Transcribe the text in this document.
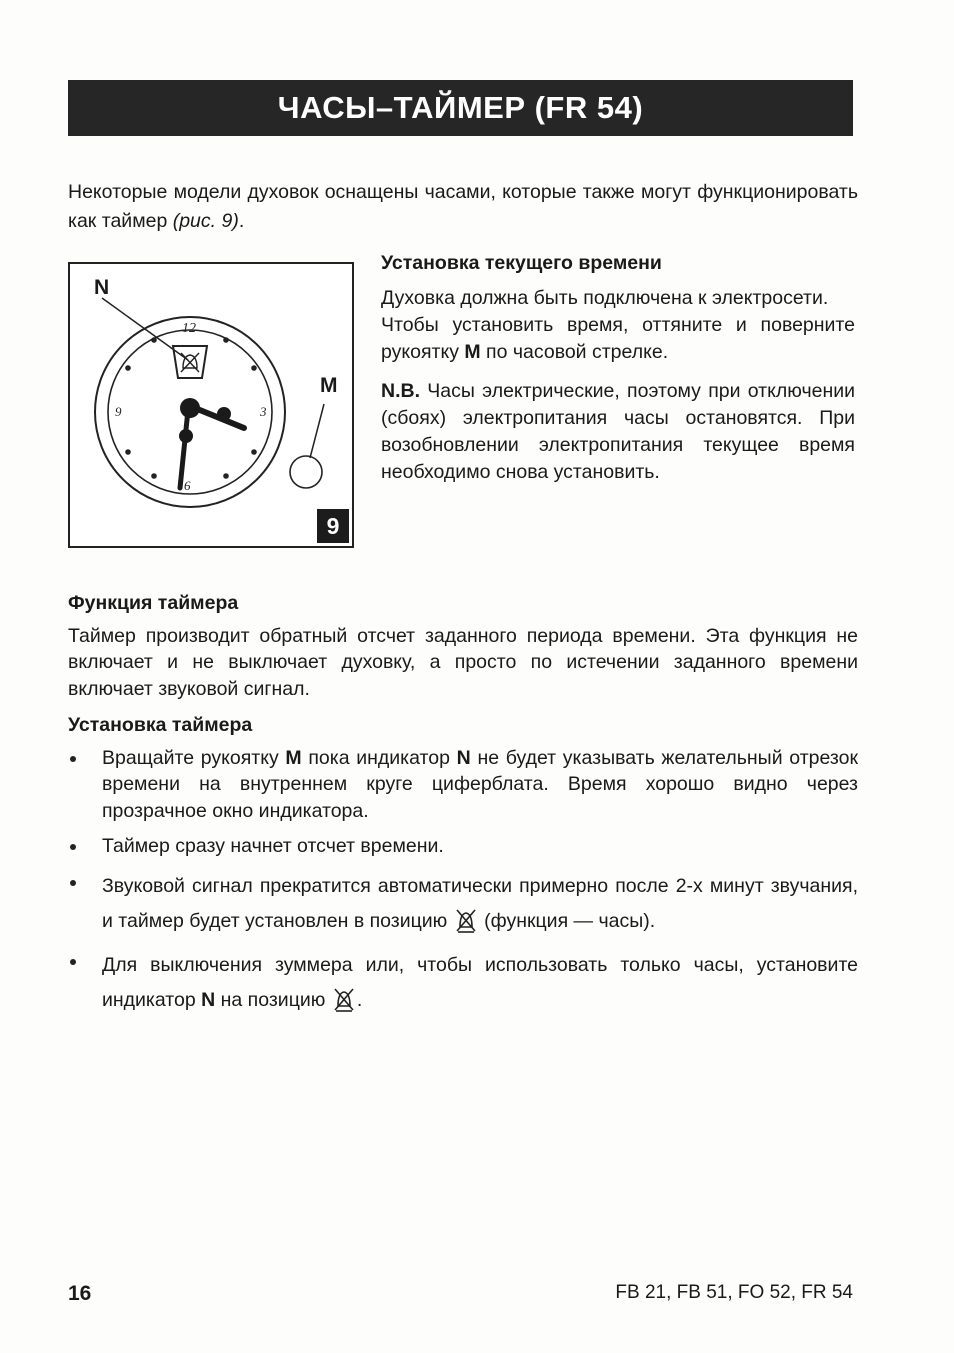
ЧАСЫ–ТАЙМЕР (FR 54)

Некоторые модели духовок оснащены часами, которые также могут функционировать как таймер (рис. 9).

12
3
6
9
N
M
9
Установка текущего времени

Духовка должна быть подключена к электросети.

Чтобы установить время, оттяните и поверните рукоятку M по часовой стрелке.

N.B. Часы электрические, поэтому при отключении (сбоях) электропитания часы остановятся. При возобновлении электропитания текущее время необходимо снова установить.

Функция таймера

Таймер производит обратный отсчет заданного периода времени. Эта функция не включает и не выключает духовку, а просто по истечении заданного времени включает звуковой сигнал.

Установка таймера
Вращайте рукоятку M пока индикатор N не будет указывать желательный отрезок времени на внутреннем круге циферблата. Время хорошо видно через прозрачное окно индикатора.
Таймер сразу начнет отсчет времени.
Звуковой сигнал прекратится автоматически примерно после 2-х минут звучания, и таймер будет установлен в позицию  (функция — часы).
Для выключения зуммера или, чтобы использовать только часы, установите индикатор N на позицию .
16	FB 21, FB 51, FO 52, FR 54
